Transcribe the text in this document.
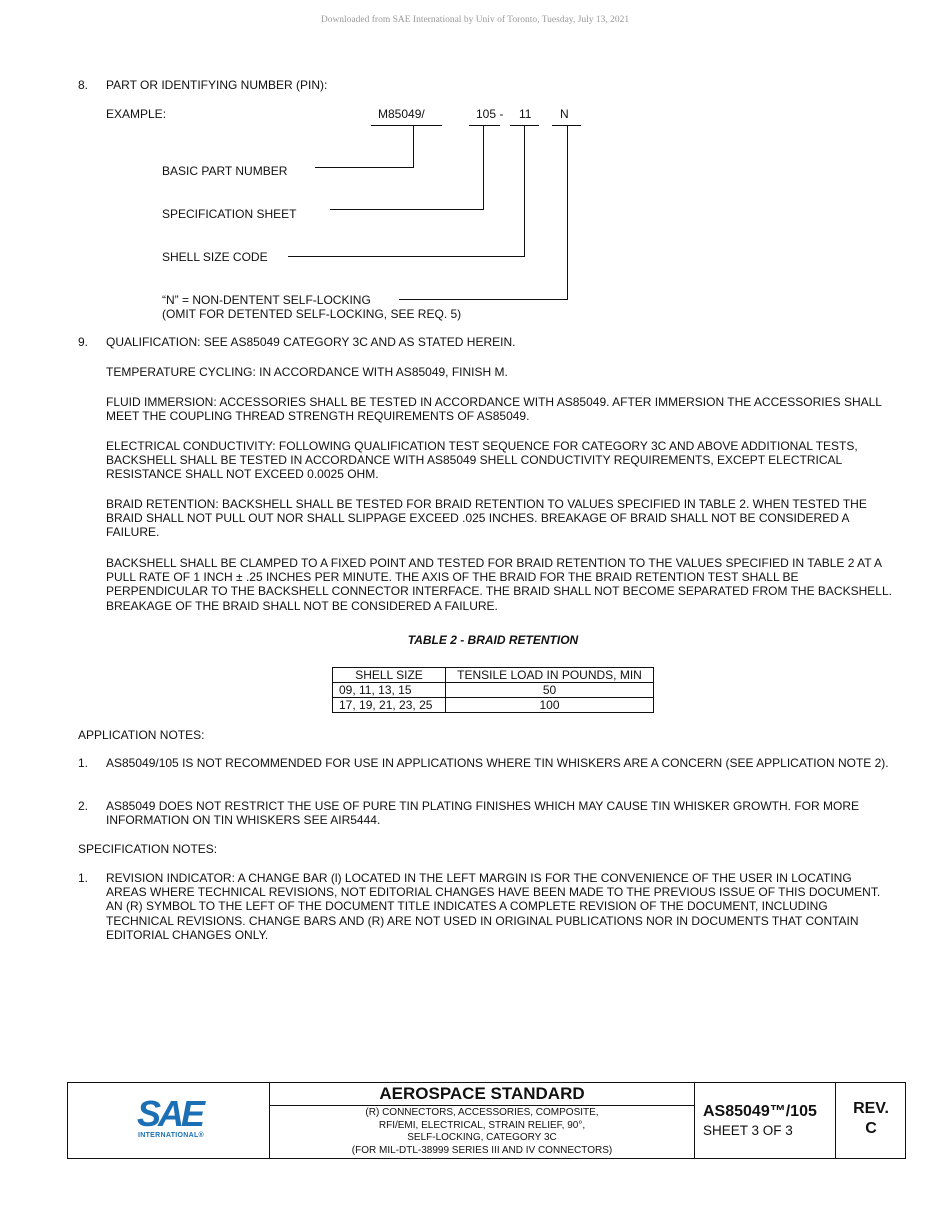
Downloaded from SAE International by Univ of Toronto, Tuesday, July 13, 2021
8. PART OR IDENTIFYING NUMBER (PIN):
EXAMPLE:	M85049/	105 - 11 N
BASIC PART NUMBER
SPECIFICATION SHEET
SHELL SIZE CODE
“N” = NON-DENTENT SELF-LOCKING
(OMIT FOR DETENTED SELF-LOCKING, SEE REQ. 5)
9. QUALIFICATION: SEE AS85049 CATEGORY 3C AND AS STATED HEREIN.
TEMPERATURE CYCLING: IN ACCORDANCE WITH AS85049, FINISH M.
FLUID IMMERSION: ACCESSORIES SHALL BE TESTED IN ACCORDANCE WITH AS85049. AFTER IMMERSION THE ACCESSORIES SHALL MEET THE COUPLING THREAD STRENGTH REQUIREMENTS OF AS85049.
ELECTRICAL CONDUCTIVITY: FOLLOWING QUALIFICATION TEST SEQUENCE FOR CATEGORY 3C AND ABOVE ADDITIONAL TESTS, BACKSHELL SHALL BE TESTED IN ACCORDANCE WITH AS85049 SHELL CONDUCTIVITY REQUIREMENTS, EXCEPT ELECTRICAL RESISTANCE SHALL NOT EXCEED 0.0025 OHM.
BRAID RETENTION: BACKSHELL SHALL BE TESTED FOR BRAID RETENTION TO VALUES SPECIFIED IN TABLE 2. WHEN TESTED THE BRAID SHALL NOT PULL OUT NOR SHALL SLIPPAGE EXCEED .025 INCHES. BREAKAGE OF BRAID SHALL NOT BE CONSIDERED A FAILURE.
BACKSHELL SHALL BE CLAMPED TO A FIXED POINT AND TESTED FOR BRAID RETENTION TO THE VALUES SPECIFIED IN TABLE 2 AT A PULL RATE OF 1 INCH ± .25 INCHES PER MINUTE. THE AXIS OF THE BRAID FOR THE BRAID RETENTION TEST SHALL BE PERPENDICULAR TO THE BACKSHELL CONNECTOR INTERFACE. THE BRAID SHALL NOT BECOME SEPARATED FROM THE BACKSHELL. BREAKAGE OF THE BRAID SHALL NOT BE CONSIDERED A FAILURE.
TABLE 2 - BRAID RETENTION
SHELL SIZE	TENSILE LOAD IN POUNDS, MIN
09, 11, 13, 15	50
17, 19, 21, 23, 25	100
APPLICATION NOTES:
1. AS85049/105 IS NOT RECOMMENDED FOR USE IN APPLICATIONS WHERE TIN WHISKERS ARE A CONCERN (SEE APPLICATION NOTE 2).
2. AS85049 DOES NOT RESTRICT THE USE OF PURE TIN PLATING FINISHES WHICH MAY CAUSE TIN WHISKER GROWTH. FOR MORE INFORMATION ON TIN WHISKERS SEE AIR5444.
SPECIFICATION NOTES:
1. REVISION INDICATOR: A CHANGE BAR (l) LOCATED IN THE LEFT MARGIN IS FOR THE CONVENIENCE OF THE USER IN LOCATING AREAS WHERE TECHNICAL REVISIONS, NOT EDITORIAL CHANGES HAVE BEEN MADE TO THE PREVIOUS ISSUE OF THIS DOCUMENT. AN (R) SYMBOL TO THE LEFT OF THE DOCUMENT TITLE INDICATES A COMPLETE REVISION OF THE DOCUMENT, INCLUDING TECHNICAL REVISIONS. CHANGE BARS AND (R) ARE NOT USED IN ORIGINAL PUBLICATIONS NOR IN DOCUMENTS THAT CONTAIN EDITORIAL CHANGES ONLY.
SAE
INTERNATIONAL®
AEROSPACE STANDARD
(R) CONNECTORS, ACCESSORIES, COMPOSITE,
RFI/EMI, ELECTRICAL, STRAIN RELIEF, 90°,
SELF-LOCKING, CATEGORY 3C
(FOR MIL-DTL-38999 SERIES III AND IV CONNECTORS)
AS85049™/105
SHEET 3 OF 3
REV.
C
